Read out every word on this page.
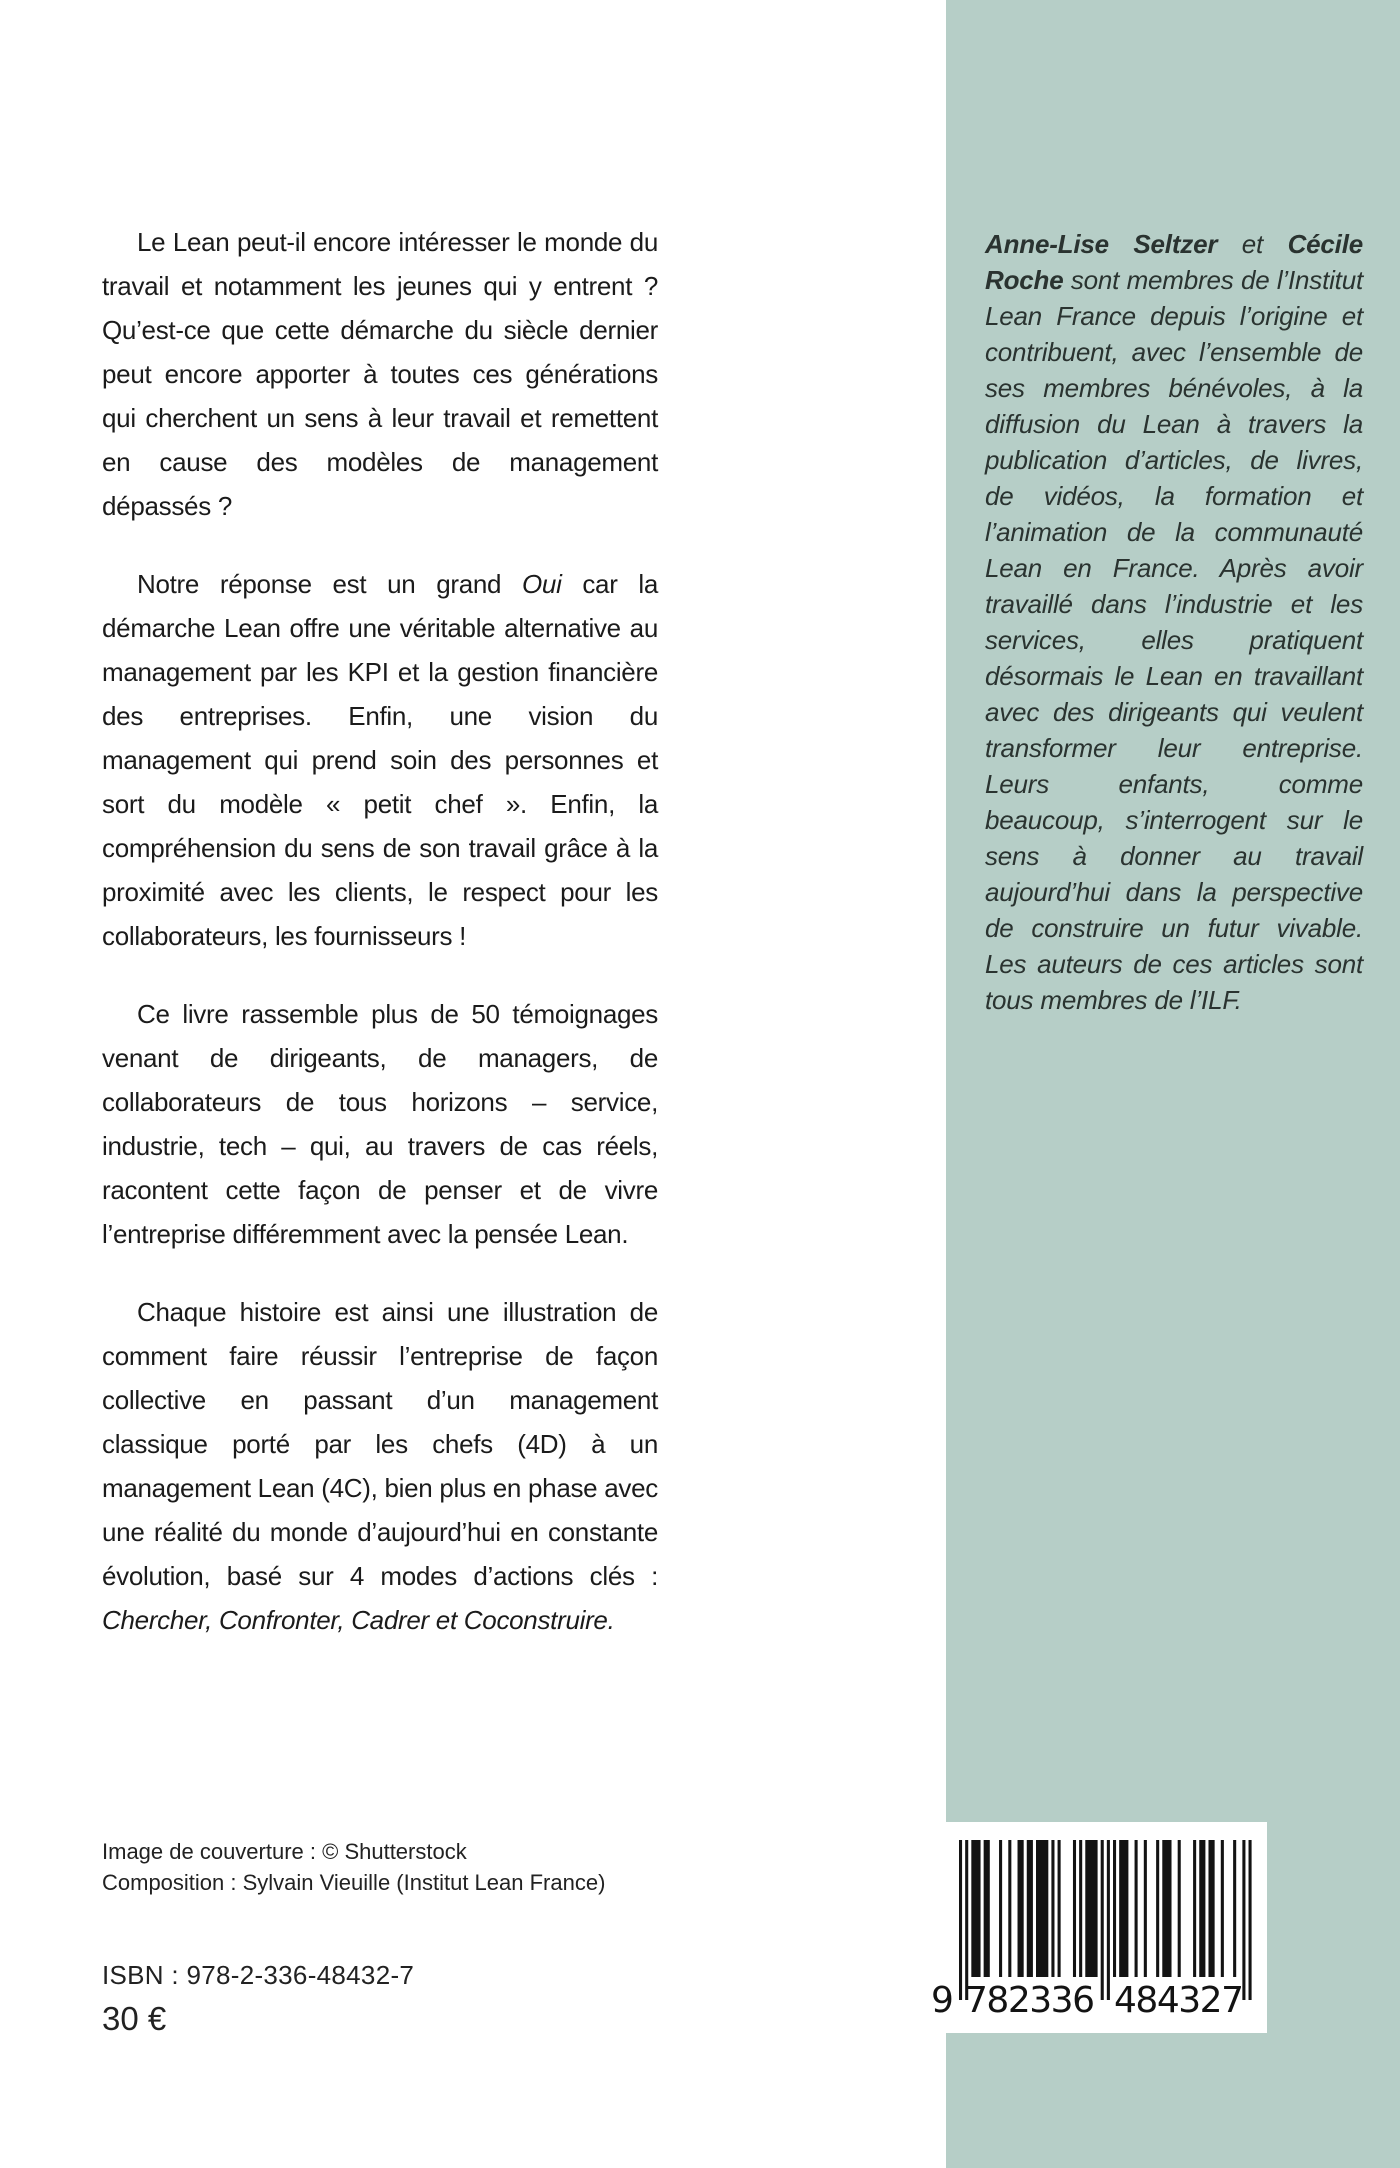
Le Lean peut-il encore intéresser le monde du travail et notamment les jeunes qui y entrent ? Qu’est-ce que cette démarche du siècle dernier peut encore apporter à toutes ces générations qui cherchent un sens à leur travail et remettent en cause des modèles de management dépassés ?

Notre réponse est un grand Oui car la démarche Lean offre une véritable alternative au management par les KPI et la gestion financière des entreprises. Enfin, une vision du management qui prend soin des personnes et sort du modèle « petit chef ». Enfin, la compréhension du sens de son travail grâce à la proximité avec les clients, le respect pour les collaborateurs, les fournisseurs !

Ce livre rassemble plus de 50 témoignages venant de dirigeants, de managers, de collaborateurs de tous horizons – service, industrie, tech – qui, au travers de cas réels, racontent cette façon de penser et de vivre l’entreprise différemment avec la pensée Lean.

Chaque histoire est ainsi une illustration de comment faire réussir l’entreprise de façon collective en passant d’un management classique porté par les chefs (4D) à un management Lean (4C), bien plus en phase avec une réalité du monde d’aujourd’hui en constante évolution, basé sur 4 modes d’actions clés : Chercher, Confronter, Cadrer et Coconstruire.

Anne-Lise Seltzer et Cécile Roche sont membres de l’Institut Lean France depuis l’origine et contribuent, avec l’ensemble de ses membres bénévoles, à la diffusion du Lean à travers la publication d’articles, de livres, de vidéos, la formation et l’animation de la communauté Lean en France. Après avoir travaillé dans l’industrie et les services, elles pratiquent désormais le Lean en travaillant avec des dirigeants qui veulent transformer leur entreprise. Leurs enfants, comme beaucoup, s’interrogent sur le sens à donner au travail aujourd’hui dans la perspective de construire un futur vivable. Les auteurs de ces articles sont tous membres de l’ILF.
Image de couverture : © Shutterstock
Composition : Sylvain Vieuille (Institut Lean France)
ISBN : 978-2-336-48432-7
30 €	9 782336 484327
